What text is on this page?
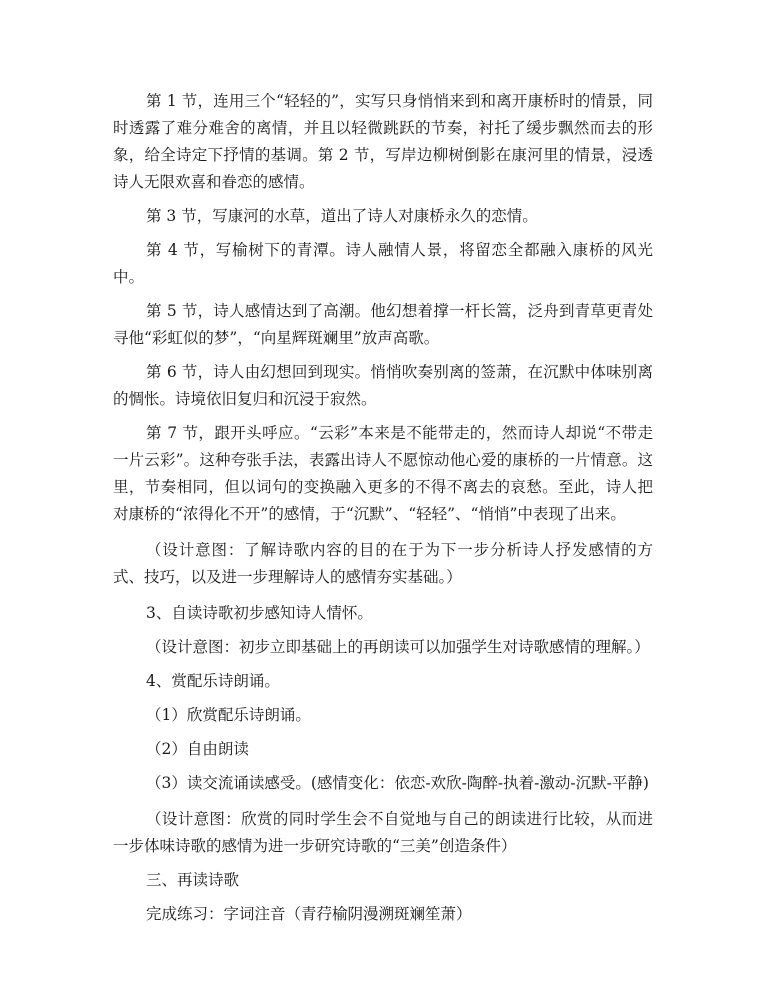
第 1 节，连用三个“轻轻的”，实写只身悄悄来到和离开康桥时的情景，同时透露了难分难舍的离情，并且以轻微跳跃的节奏，衬托了缓步飘然而去的形象，给全诗定下抒情的基调。第 2 节，写岸边柳树倒影在康河里的情景，浸透诗人无限欢喜和眷恋的感情。

第 3 节，写康河的水草，道出了诗人对康桥永久的恋情。

第 4 节，写榆树下的青潭。诗人融情人景，将留恋全都融入康桥的风光中。

第 5 节，诗人感情达到了高潮。他幻想着撑一杆长篙，泛舟到青草更青处寻他“彩虹似的梦”，“向星辉斑斓里”放声高歌。

第 6 节，诗人由幻想回到现实。悄悄吹奏别离的签萧，在沉默中体味别离的惆怅。诗境依旧复归和沉浸于寂然。

第 7 节，跟开头呼应。“云彩”本来是不能带走的，然而诗人却说“不带走一片云彩”。这种夸张手法，表露出诗人不愿惊动他心爱的康桥的一片情意。这里，节奏相同，但以词句的变换融入更多的不得不离去的哀愁。至此，诗人把对康桥的“浓得化不开”的感情，于“沉默”、“轻轻”、“悄悄”中表现了出来。

（设计意图：了解诗歌内容的目的在于为下一步分析诗人抒发感情的方式、技巧，以及进一步理解诗人的感情夯实基础。）

3、自读诗歌初步感知诗人情怀。

（设计意图：初步立即基础上的再朗读可以加强学生对诗歌感情的理解。）

4、赏配乐诗朗诵。

（1）欣赏配乐诗朗诵。

（2）自由朗读

（3）读交流诵读感受。(感情变化：依恋-欢欣-陶醉-执着-激动-沉默-平静)

（设计意图：欣赏的同时学生会不自觉地与自己的朗读进行比较，从而进一步体味诗歌的感情为进一步研究诗歌的“三美”创造条件）

三、再读诗歌

完成练习：字词注音（青荇榆阴漫溯斑斓笙萧）
